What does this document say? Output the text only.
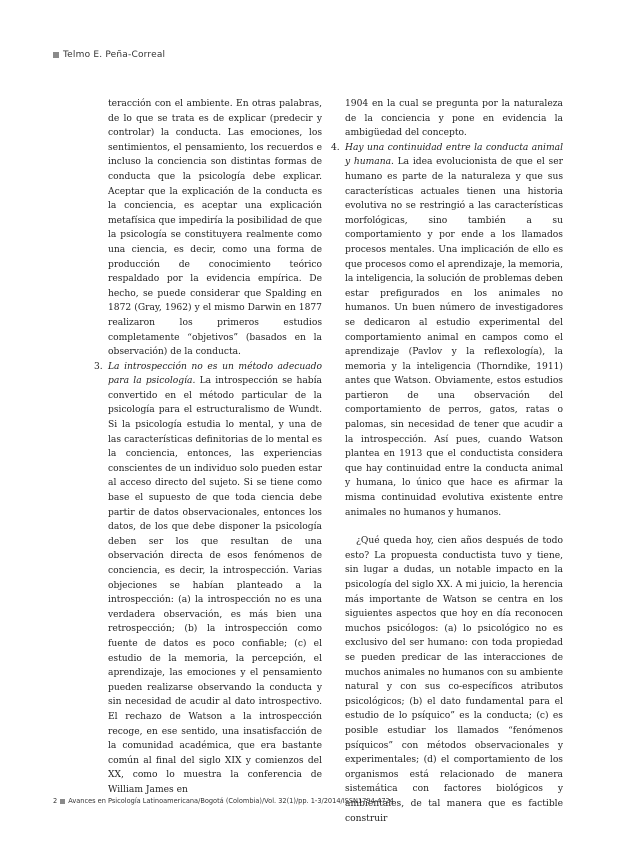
Telmo E. Peña-Correal

teracción con el ambiente. En otras palabras, de lo que se trata es de explicar (predecir y controlar) la conducta. Las emociones, los sentimientos, el pensamiento, los recuerdos e incluso la conciencia son distintas formas de conducta que la psicología debe explicar. Aceptar que la explicación de la conducta es la conciencia, es aceptar una explicación metafísica que impediría la posibilidad de que la psicología se constituyera realmente como una ciencia, es decir, como una forma de producción de conocimiento teórico respaldado por la evidencia empírica. De hecho, se puede considerar que Spalding en 1872 (Gray, 1962) y el mismo Darwin en 1877 realizaron los primeros estudios completamente “objetivos” (basados en la observación) de la conducta.

3. La introspección no es un método adecuado para la psicología. La introspección se había convertido en el método particular de la psicología para el estructuralismo de Wundt. Si la psicología estudia lo mental, y una de las características definitorias de lo mental es la conciencia, entonces, las experiencias conscientes de un individuo solo pueden estar al acceso directo del sujeto. Si se tiene como base el supuesto de que toda ciencia debe partir de datos observacionales, entonces los datos, de los que debe disponer la psicología deben ser los que resultan de una observación directa de esos fenómenos de conciencia, es decir, la introspección. Varias objeciones se habían planteado a la introspección: (a) la introspección no es una verdadera observación, es más bien una retrospección; (b) la introspección como fuente de datos es poco confiable; (c) el estudio de la memoria, la percepción, el aprendizaje, las emociones y el pensamiento pueden realizarse observando la conducta y sin necesidad de acudir al dato introspectivo. El rechazo de Watson a la introspección recoge, en ese sentido, una insatisfacción de la comunidad académica, que era bastante común al final del siglo XIX y comienzos del XX, como lo muestra la conferencia de William James en

1904 en la cual se pregunta por la naturaleza de la conciencia y pone en evidencia la ambigüedad del concepto.

4. Hay una continuidad entre la conducta animal y humana. La idea evolucionista de que el ser humano es parte de la naturaleza y que sus características actuales tienen una historia evolutiva no se restringió a las características morfológicas, sino también a su comportamiento y por ende a los llamados procesos mentales. Una implicación de ello es que procesos como el aprendizaje, la memoria, la inteligencia, la solución de problemas deben estar prefigurados en los animales no humanos. Un buen número de investigadores se dedicaron al estudio experimental del comportamiento animal en campos como el aprendizaje (Pavlov y la reflexología), la memoria y la inteligencia (Thorndike, 1911) antes que Watson. Obviamente, estos estudios partieron de una observación del comportamiento de perros, gatos, ratas o palomas, sin necesidad de tener que acudir a la introspección. Así pues, cuando Watson plantea en 1913 que el conductista considera que hay continuidad entre la conducta animal y humana, lo único que hace es afirmar la misma continuidad evolutiva existente entre animales no humanos y humanos.

¿Qué queda hoy, cien años después de todo esto? La propuesta conductista tuvo y tiene, sin lugar a dudas, un notable impacto en la psicología del siglo XX. A mi juicio, la herencia más importante de Watson se centra en los siguientes aspectos que hoy en día reconocen muchos psicólogos: (a) lo psicológico no es exclusivo del ser humano: con toda propiedad se pueden predicar de las interacciones de muchos animales no humanos con su ambiente natural y con sus co-específicos atributos psicológicos; (b) el dato fundamental para el estudio de lo psíquico” es la conducta; (c) es posible estudiar los llamados “fenómenos psíquicos” con métodos observacionales y experimentales; (d) el comportamiento de los organismos está relacionado de manera sistemática con factores biológicos y ambientales, de tal manera que es factible construir

2 Avances en Psicología Latinoamericana/Bogotá (Colombia)/Vol. 32(1)/pp. 1-3/2014/ISSN1794-4724
